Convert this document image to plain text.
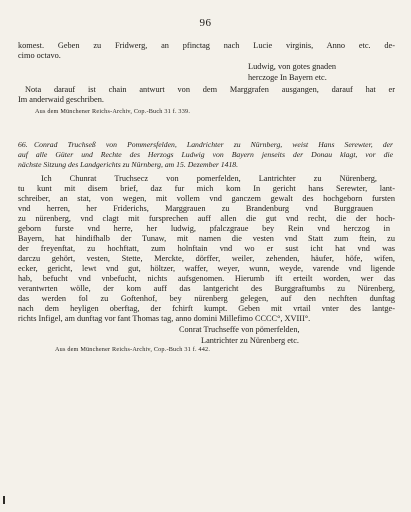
96
komest. Geben zu Fridwerg, an pfinctag nach Lucie virginis, Anno etc. de-
cimo octavo.
Ludwig, von gotes gnaden
herczoge In Bayern etc.
Nota darauf ist chain antwurt von dem Marggrafen ausgangen, darauf hat er
Im anderwaid geschriben.
Aus dem Münchener Reichs-Archiv, Cop.-Buch 31 f. 339.
66. Conrad Truchseß von Pommersfelden, Landrichter zu Nürnberg, weist Hans Serewter, der
auf alle Güter und Rechte des Herzogs Ludwig von Bayern jenseits der Donau klagt, vor die
nächste Sitzung des Landgerichts zu Nürnberg, am 15. Dezember 1418.
Ich Chunrat Truchsecz von pomerfelden, Lantrichter zu Nürenberg,
tu kunt mit disem brief, daz fur mich kom In gericht hans Serewter, lant-
schreiber, an stat, von wegen, mit vollem vnd ganczem gewalt des hochgeborn fursten
vnd herren, her Friderichs, Marggrauen zu Brandenburg vnd Burggrauen
zu nürenberg, vnd clagt mit fursprechen auff allen die gut vnd recht, die der hoch-
geborn furste vnd herre, her ludwig, pfalczgraue bey Rein vnd herczog in
Bayern, hat hindifhalb der Tunaw, mit namen die vesten vnd Statt zum ftein, zu
der freyenftat, zu hochftatt, zum holnftain vnd wo er sust icht hat vnd was
darczu gehört, vesten, Stette, Merckte, dörffer, weiler, zehenden, häufer, höfe, wifen,
ecker, gericht, lewt vnd gut, höltzer, waffer, weyer, wunn, weyde, varende vnd ligende
hab, befucht vnd vnbefucht, nichts aufsgenomen. Hierumb ift erteilt worden, wer das
verantwrten wölle, der kom auff das lantgericht des Burggraftumbs zu Nürenberg,
das werden fol zu Goftenhof, bey nürenberg gelegen, auf den nechften dunftag
nach dem heyligen oberftag, der fchirft kumpt. Geben mit vrtail vnter des lantge-
richts Infigel, am dunftag vor fant Thomas tag, anno domini Millefimo CCCC°, XVIII°.
Conrat Truchseffe von pömerfelden,
Lantrichter zu Nürenberg etc.
Aus dem Münchener Reichs-Archiv, Cop.-Buch 31 f. 442.
